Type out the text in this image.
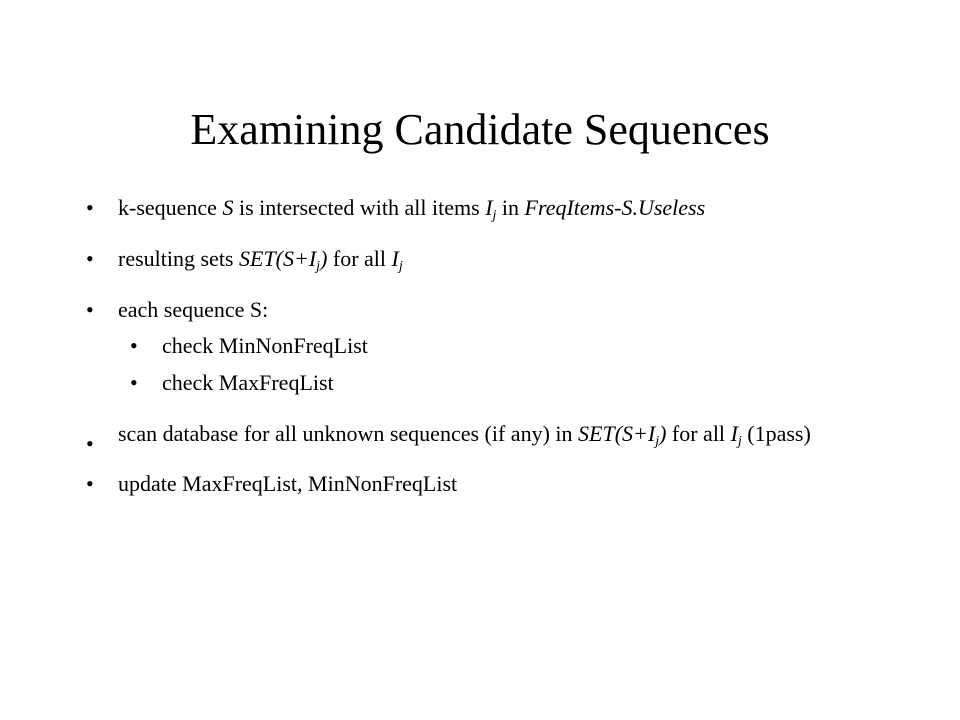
Examining Candidate Sequences
• k-sequence S is intersected with all items $I_j$ in FreqItems-S.Useless
• resulting sets $SET(S+I_j)$ for all $I_j$
• each sequence S:
• check MinNonFreqList
• check MaxFreqList
• scan database for all unknown sequences (if any) in $SET(S+I_j)$ for all $I_j$ (1pass)
• update MaxFreqList, MinNonFreqList
